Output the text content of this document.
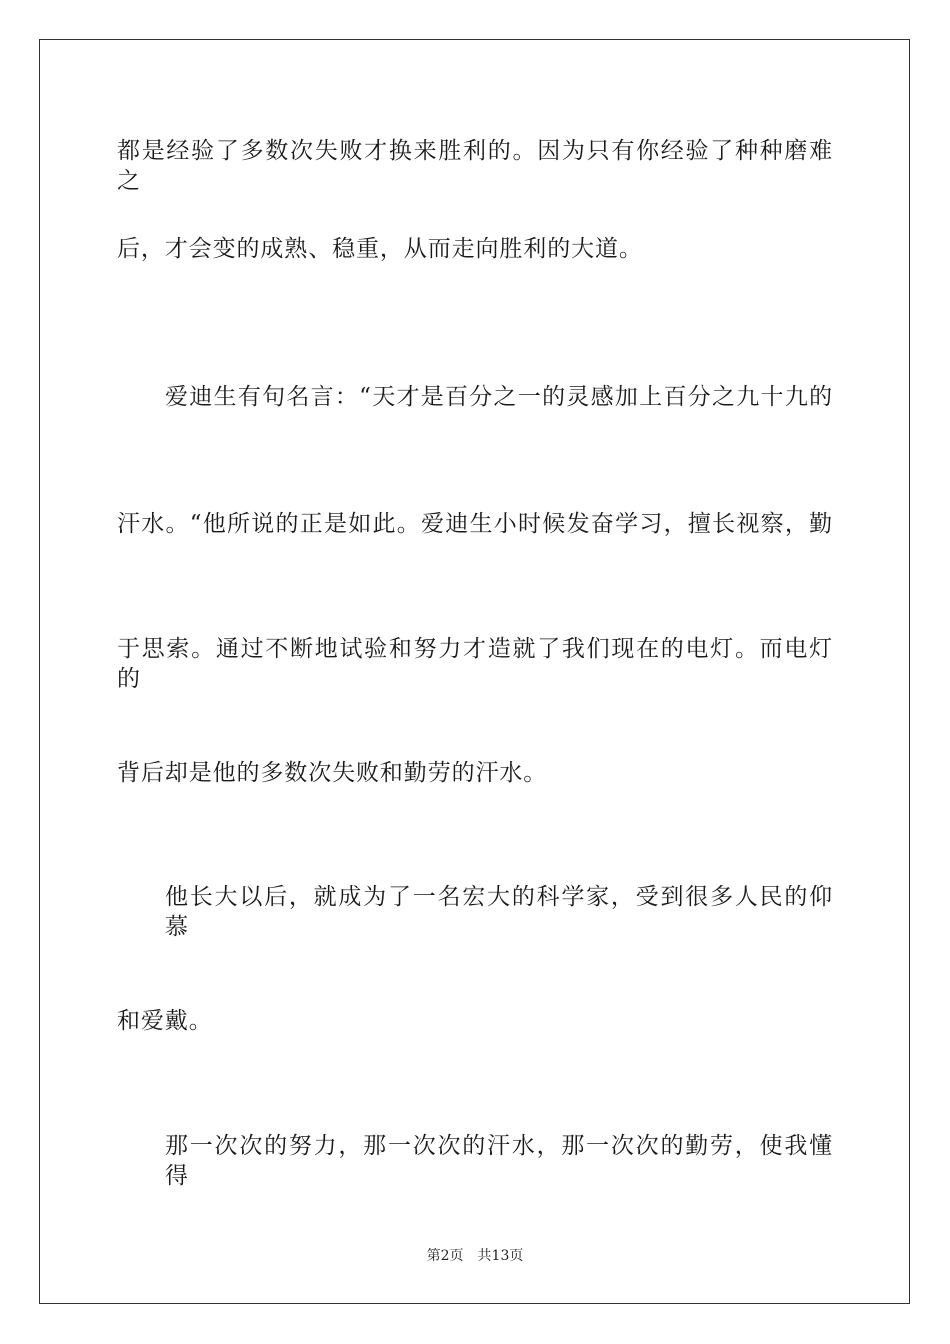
都是经验了多数次失败才换来胜利的。因为只有你经验了种种磨难之
后，才会变的成熟、稳重，从而走向胜利的大道。
爱迪生有句名言：“天才是百分之一的灵感加上百分之九十九的
汗水。“他所说的正是如此。爱迪生小时候发奋学习，擅长视察，勤
于思索。通过不断地试验和努力才造就了我们现在的电灯。而电灯的
背后却是他的多数次失败和勤劳的汗水。
他长大以后，就成为了一名宏大的科学家，受到很多人民的仰慕
和爱戴。
那一次次的努力，那一次次的汗水，那一次次的勤劳，使我懂得
第2页 共13页
